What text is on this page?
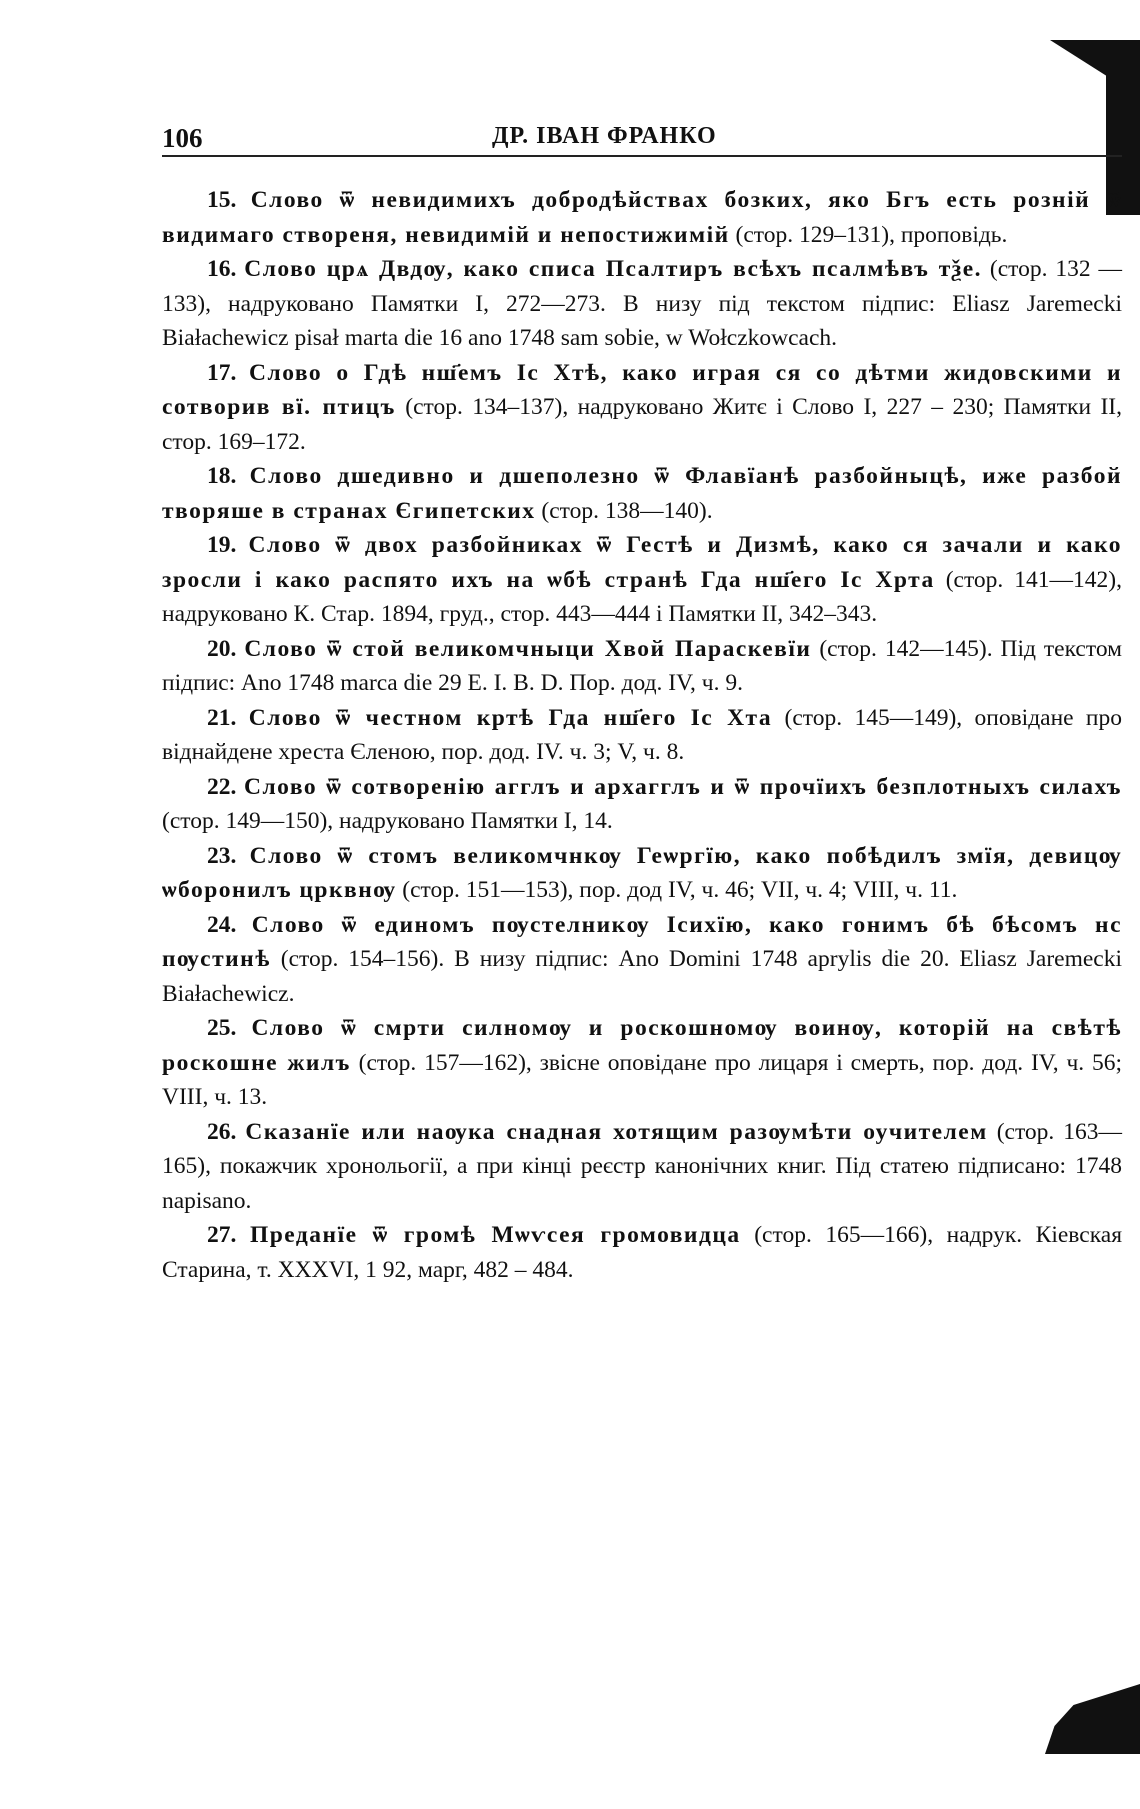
106	ДР. ІВАН ФРАНКО

15. Слово ѿ невидимихъ добродѣйствах бозких, яко Бгъ есть розній ѿ видимаго створеня, невидимій и непостижимій (стор. 129–131), проповідь.

16. Слово црѧ Двдѹ, како списа Псалтиръ всѣхъ псалмѣвъ тѯе. (стор. 132 — 133), надруковано Памятки I, 272—273. В низу під текстом підпис: Eliasz Jaremecki Białachewicz pisał marta die 16 ano 1748 sam sobie, w Wołczkowcach.

17. Слово о Гдѣ нш҃емъ Іс Хтѣ, како играя ся со дѣтми жидовскими и сотворив вї. птицъ (стор. 134–137), надруковано Житє і Слово I, 227 – 230; Памятки II, стор. 169–172.

18. Слово дшедивно и дшеполезно ѿ Флавїанѣ разбойныцѣ, иже разбой творяше в странах Єгипетских (стор. 138—140).

19. Слово ѿ двох разбойниках ѿ Гестѣ и Дизмѣ, како ся зачали и како зросли і како распято ихъ на ѡбѣ странѣ Гда нш҃его Іс Хрта (стор. 141—142), надруковано К. Стар. 1894, груд., стор. 443—444 і Памятки II, 342–343.

20. Слово ѿ стой великомчныци Хвой Параскевїи (стор. 142—145). Під текстом підпис: Ano 1748 marca die 29 E. I. B. D. Пор. дод. IV, ч. 9.

21. Слово ѿ честном кртѣ Гда нш҃его Іс Хта (стор. 145—149), оповідане про віднайдене хреста Єленою, пор. дод. IV. ч. 3; V, ч. 8.

22. Слово ѿ сотворенію агглъ и архагглъ и ѿ прочїихъ безплотныхъ силахъ (стор. 149—150), надруковано Памятки I, 14.

23. Слово ѿ стомъ великомчнкѹ Геѡргїю, како побѣдилъ змїя, девицѹ ѡборонилъ црквнѹ (стор. 151—153), пор. дод IV, ч. 46; VII, ч. 4; VIII, ч. 11.

24. Слово ѿ единомъ пѹстелникѹ Ісихїю, како гонимъ бѣ бѣсомъ нс пѹстинѣ (стор. 154–156). В низу підпис: Ano Domini 1748 aprylis die 20. Eliasz Jaremecki Białachewicz.

25. Слово ѿ смрти силномѹ и роскошномѹ воинѹ, которій на свѣтѣ роскошне жилъ (стор. 157—162), звісне оповідане про лицаря і смерть, пор. дод. IV, ч. 56; VIII, ч. 13.

26. Сказанїе или наѹка снадная хотящим разѹмѣти оучителем (стор. 163—165), покажчик хронольогії, а при кінці реєстр канонічних книг. Під статею підписано: 1748 napisano.

27. Преданїе ѿ громѣ Мѡѵсея громовидца (стор. 165—166), надрук. Кіевская Старина, т. XXXVI, 1 92, марг, 482 – 484.
